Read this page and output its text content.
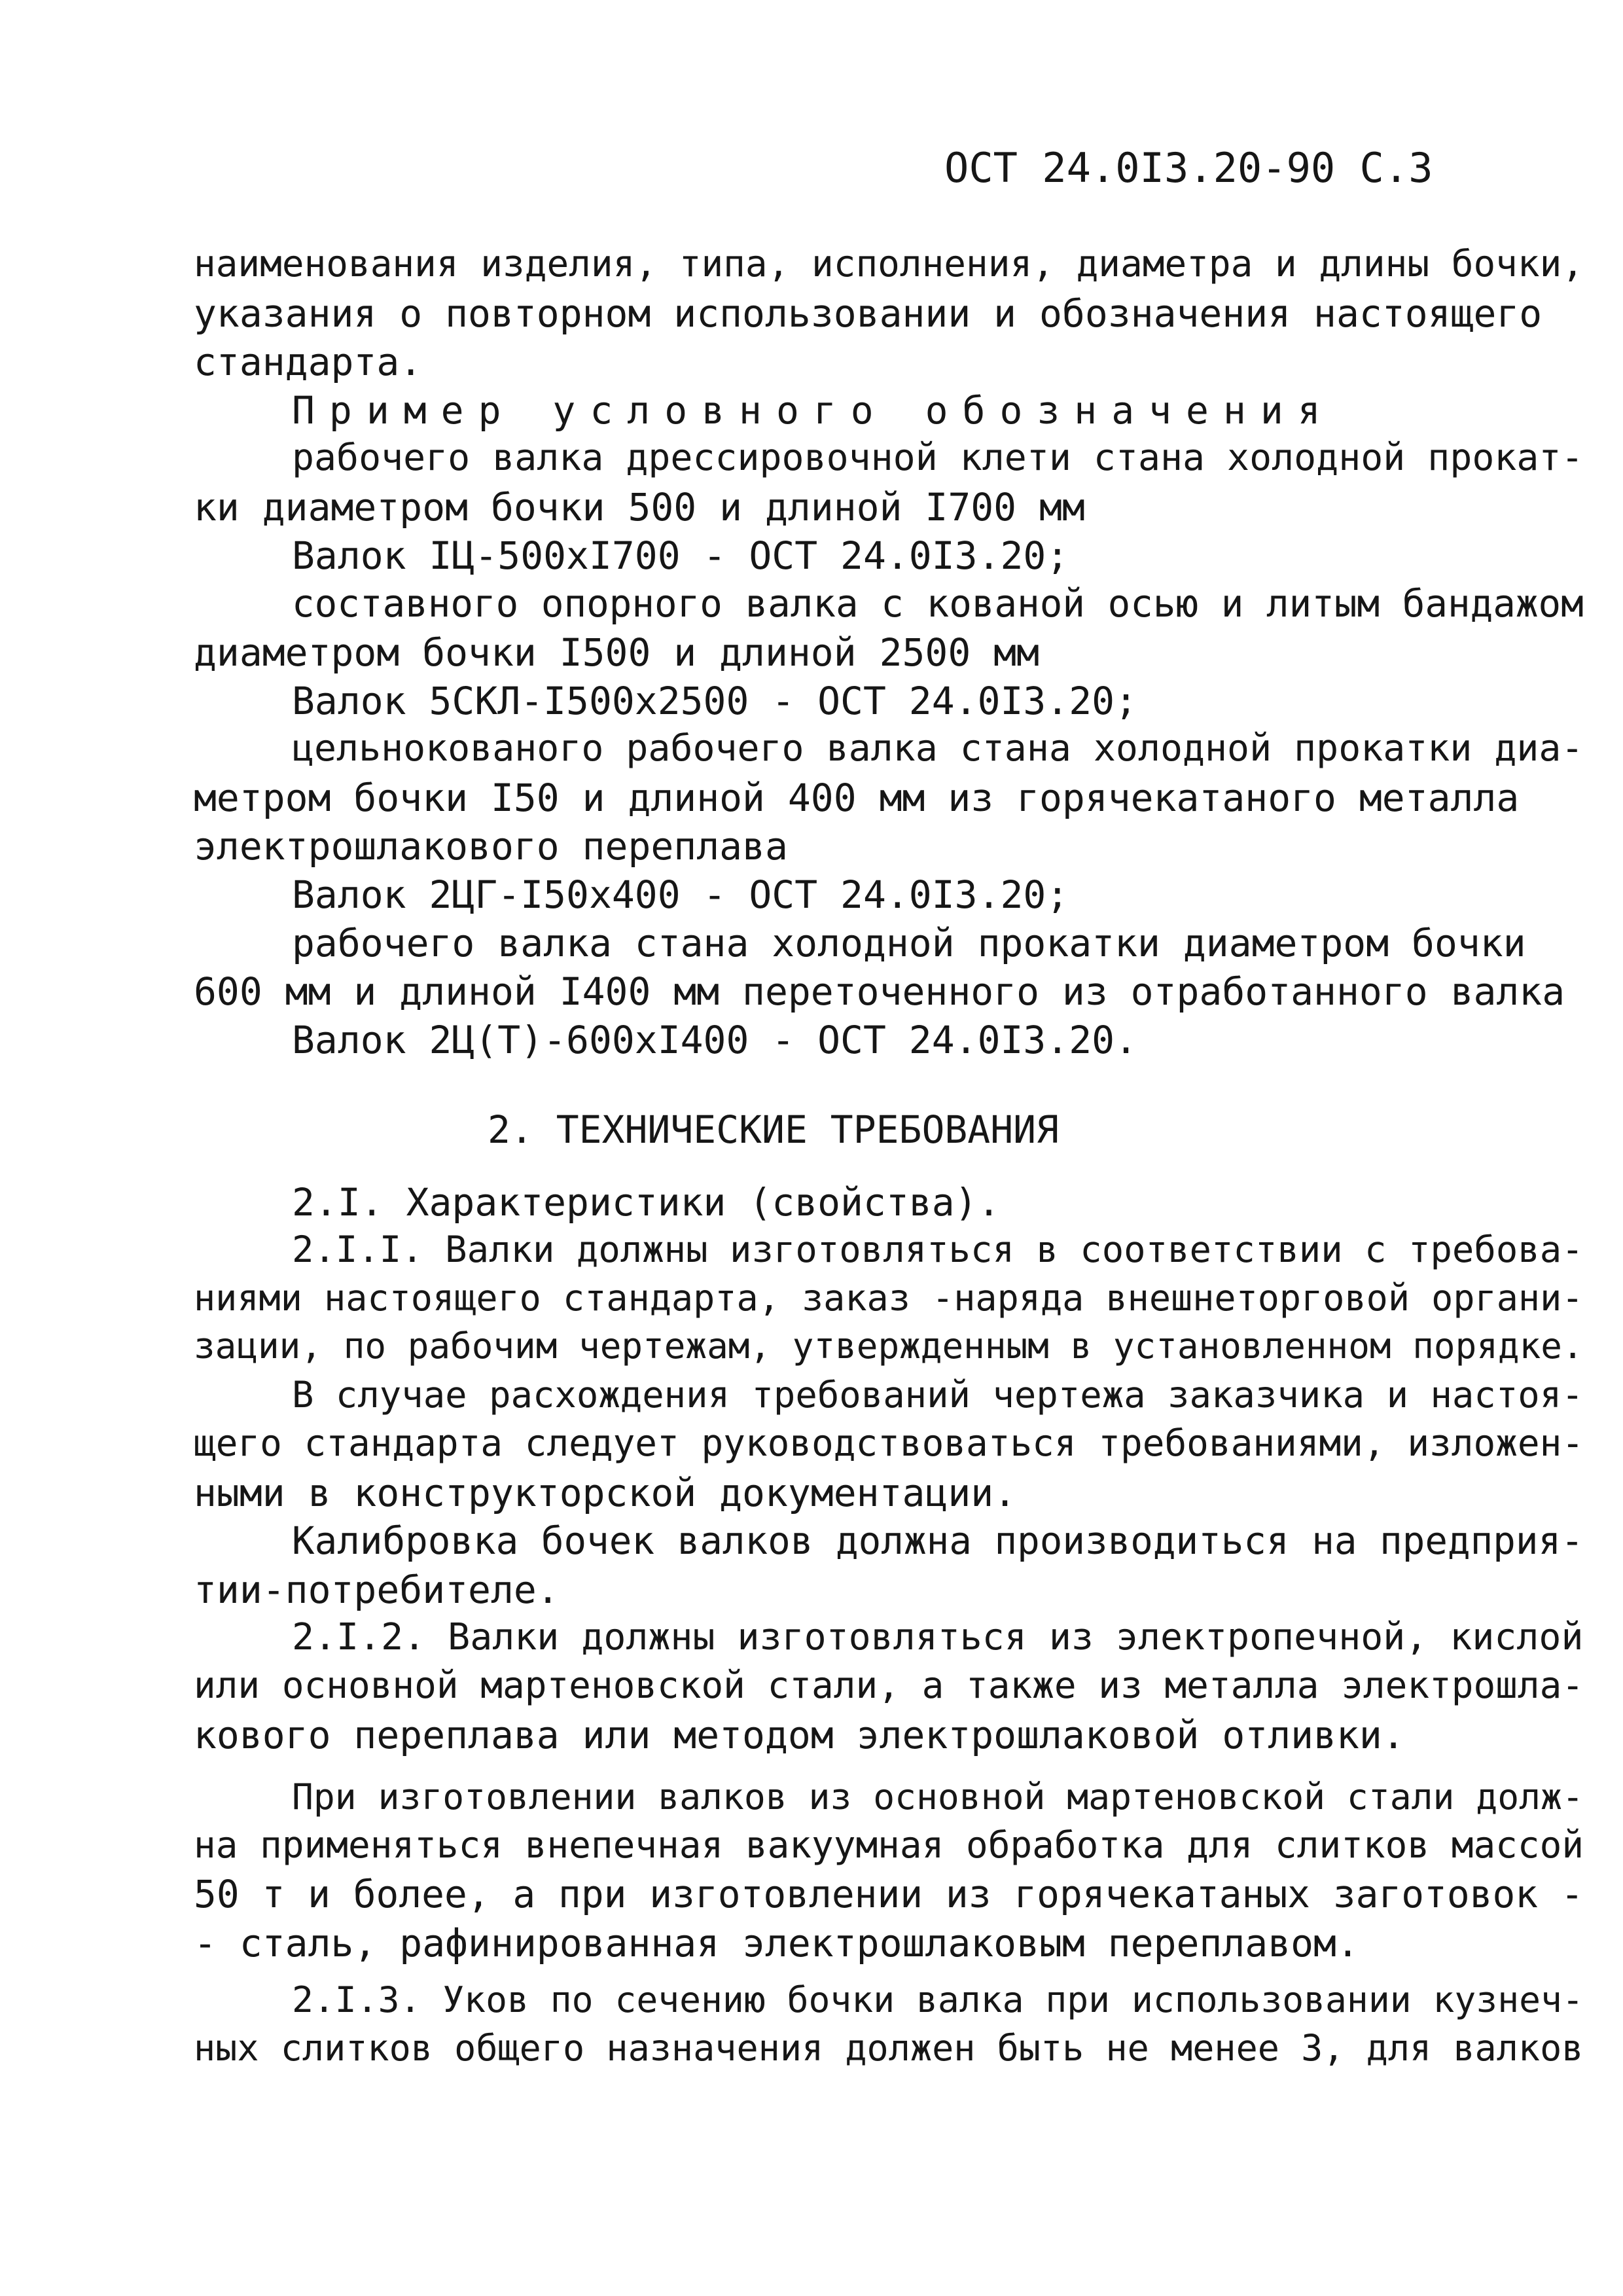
ОСТ 24.0I3.20-90 С.3
наименования изделия, типа, исполнения, диаметра и длины бочки,
указания о повторном использовании и обозначения настоящего
стандарта.
Пример условного обозначения
рабочего валка дрессировочной клети стана холодной прокат-
ки диаметром бочки 500 и длиной I700 мм
Валок IЦ-500хI700 - ОСТ 24.0I3.20;
составного опорного валка с кованой осью и литым бандажом
диаметром бочки I500 и длиной 2500 мм
Валок 5СКЛ-I500х2500 - ОСТ 24.0I3.20;
цельнокованого рабочего валка стана холодной прокатки диа-
метром бочки I50 и длиной 400 мм из горячекатаного металла
электрошлакового переплава
Валок 2ЦГ-I50х400 - ОСТ 24.0I3.20;
рабочего валка стана холодной прокатки диаметром бочки
600 мм и длиной I400 мм переточенного из отработанного валка
Валок 2Ц(Т)-600хI400 - ОСТ 24.0I3.20.
2. ТЕХНИЧЕСКИЕ ТРЕБОВАНИЯ
2.I. Характеристики (свойства).
2.I.I. Валки должны изготовляться в соответствии с требова-
ниями настоящего стандарта, заказ -наряда внешнеторговой органи-
зации, по рабочим чертежам, утвержденным в установленном порядке.
В случае расхождения требований чертежа заказчика и настоя-
щего стандарта следует руководствоваться требованиями, изложен-
ными в конструкторской документации.
Калибровка бочек валков должна производиться на предприя-
тии-потребителе.
2.I.2. Валки должны изготовляться из электропечной, кислой
или основной мартеновской стали, а также из металла электрошла-
кового переплава или методом электрошлаковой отливки.
При изготовлении валков из основной мартеновской стали долж-
на применяться внепечная вакуумная обработка для слитков массой
50 т и более, а при изготовлении из горячекатаных заготовок -
- сталь, рафинированная электрошлаковым переплавом.
2.I.3. Уков по сечению бочки валка при использовании кузнеч-
ных слитков общего назначения должен быть не менее 3, для валков
